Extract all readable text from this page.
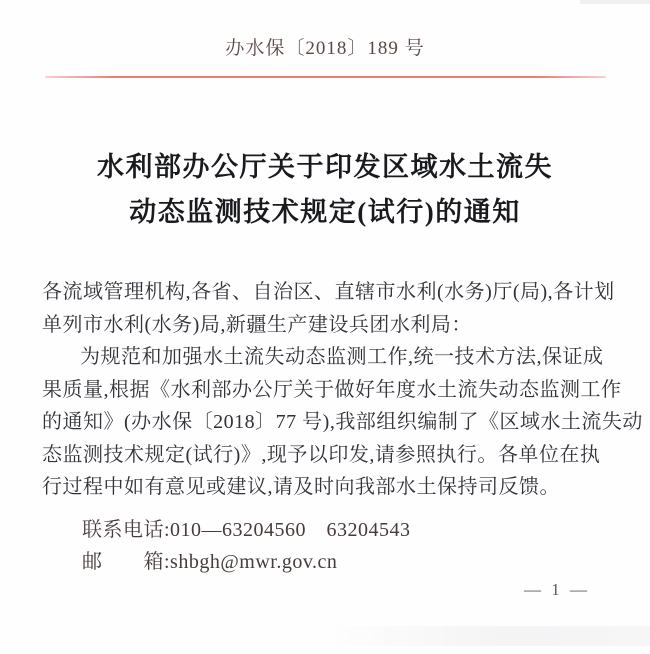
办水保〔2018〕189 号
水利部办公厅关于印发区域水土流失
动态监测技术规定(试行)的通知
各流域管理机构,各省、自治区、直辖市水利(水务)厅(局),各计划
单列市水利(水务)局,新疆生产建设兵团水利局：
为规范和加强水土流失动态监测工作,统一技术方法,保证成
果质量,根据《水利部办公厅关于做好年度水土流失动态监测工作
的通知》(办水保〔2018〕77 号),我部组织编制了《区域水土流失动
态监测技术规定(试行)》,现予以印发,请参照执行。各单位在执
行过程中如有意见或建议,请及时向我部水土保持司反馈。
联系电话:010—63204560　63204543
邮　　箱:shbgh@mwr.gov.cn
— 1 —
